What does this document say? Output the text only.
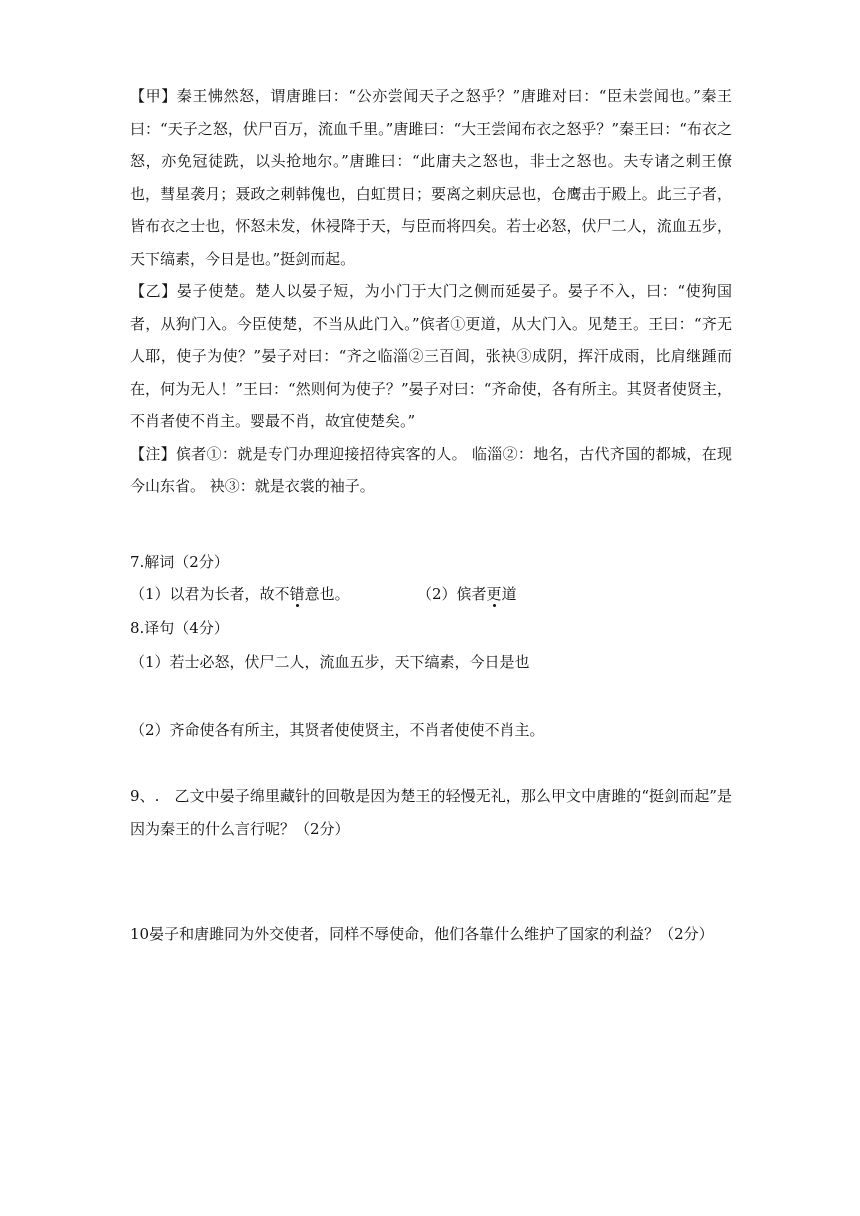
【甲】秦王怫然怒，谓唐雎曰：“公亦尝闻天子之怒乎？”唐雎对曰：“臣未尝闻也。”秦王曰：“天子之怒，伏尸百万，流血千里。”唐雎曰：“大王尝闻布衣之怒乎？”秦王曰：“布衣之怒，亦免冠徒跣，以头抢地尔。”唐雎曰：“此庸夫之怒也，非士之怒也。夫专诸之刺王僚也，彗星袭月；聂政之刺韩傀也，白虹贯日；要离之刺庆忌也，仓鹰击于殿上。此三子者，皆布衣之士也，怀怒未发，休祲降于天，与臣而将四矣。若士必怒，伏尸二人，流血五步，天下缟素，今日是也。”挺剑而起。

【乙】晏子使楚。楚人以晏子短，为小门于大门之侧而延晏子。晏子不入，曰：“使狗国者，从狗门入。今臣使楚，不当从此门入。”傧者①更道，从大门入。见楚王。王曰：“齐无人耶，使子为使？”晏子对曰：“齐之临淄②三百闾，张袂③成阴，挥汗成雨，比肩继踵而在，何为无人！”王曰：“然则何为使子？”晏子对曰：“齐命使，各有所主。其贤者使贤主，不肖者使不肖主。婴最不肖，故宜使楚矣。”

【注】傧者①：就是专门办理迎接招待宾客的人。 临淄②：地名，古代齐国的都城，在现今山东省。 袂③：就是衣裳的袖子。

7.解词（2分）

（1）以君为长者，故不错意也。	（2）傧者更道

8.译句（4分）

（1）若士必怒，伏尸二人，流血五步，天下缟素，今日是也

（2）齐命使各有所主，其贤者使使贤主，不肖者使使不肖主。

9、.　乙文中晏子绵里藏针的回敬是因为楚王的轻慢无礼，那么甲文中唐雎的“挺剑而起”是因为秦王的什么言行呢？（2分）

10晏子和唐雎同为外交使者，同样不辱使命，他们各靠什么维护了国家的利益？（2分）
